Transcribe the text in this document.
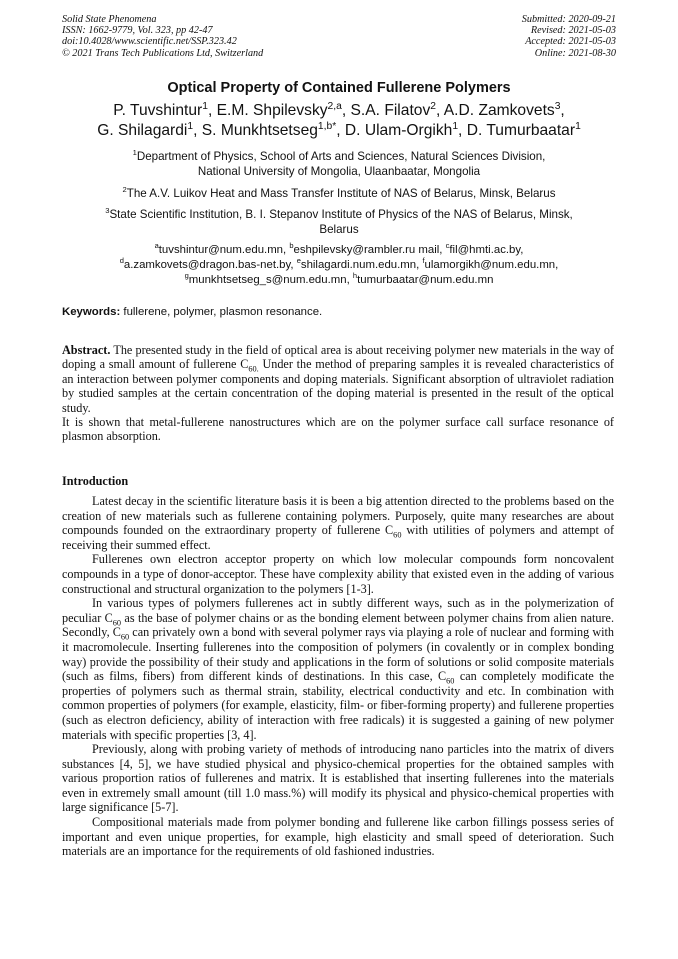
Solid State Phenomena
ISSN: 1662-9779, Vol. 323, pp 42-47
doi:10.4028/www.scientific.net/SSP.323.42
© 2021 Trans Tech Publications Ltd, Switzerland
Submitted: 2020-09-21
Revised: 2021-05-03
Accepted: 2021-05-03
Online: 2021-08-30
Optical Property of Contained Fullerene Polymers
P. Tuvshintur$^1$, E.M. Shpilevsky$^{2,a}$, S.A. Filatov$^2$, A.D. Zamkovets$^3$,
G. Shilagardi$^1$, S. Munkhtsetseg$^{1,b*}$, D. Ulam-Orgikh$^1$, D. Tumurbaatar$^1$
$^1$Department of Physics, School of Arts and Sciences, Natural Sciences Division,
National University of Mongolia, Ulaanbaatar, Mongolia
$^2$The A.V. Luikov Heat and Mass Transfer Institute of NAS of Belarus, Minsk, Belarus
$^3$State Scientific Institution, B. I. Stepanov Institute of Physics of the NAS of Belarus, Minsk,
Belarus
$^a$tuvshintur@num.edu.mn, $^b$eshpilevsky@rambler.ru mail, $^c$fil@hmti.ac.by,
$^d$a.zamkovets@dragon.bas-net.by, $^e$shilagardi.num.edu.mn, $^f$ulamorgikh@num.edu.mn,
$^g$munkhtsetseg_s@num.edu.mn, $^h$tumurbaatar@num.edu.mn
Keywords: fullerene, polymer, plasmon resonance.

Abstract. The presented study in the field of optical area is about receiving polymer new materials in the way of doping a small amount of fullerene $C_{60.}$ Under the method of preparing samples it is revealed characteristics of an interaction between polymer components and doping materials. Significant absorption of ultraviolet radiation by studied samples at the certain concentration of the doping material is presented in the result of the optical study.

It is shown that metal-fullerene nanostructures which are on the polymer surface call surface resonance of plasmon absorption.

Introduction

Latest decay in the scientific literature basis it is been a big attention directed to the problems based on the creation of new materials such as fullerene containing polymers. Purposely, quite many researches are about compounds founded on the extraordinary property of fullerene $C_{60}$ with utilities of polymers and attempt of receiving their summed effect.

Fullerenes own electron acceptor property on which low molecular compounds form noncovalent compounds in a type of donor-acceptor. These have complexity ability that existed even in the adding of various constructional and structural organization to the polymers [1-3].

In various types of polymers fullerenes act in subtly different ways, such as in the polymerization of peculiar $C_{60}$ as the base of polymer chains or as the bonding element between polymer chains from alien nature. Secondly, $C_{60}$ can privately own a bond with several polymer rays via playing a role of nuclear and forming with it macromolecule. Inserting fullerenes into the composition of polymers (in covalently or in complex bonding way) provide the possibility of their study and applications in the form of solutions or solid composite materials (such as films, fibers) from different kinds of destinations. In this case, $C_{60}$ can completely modificate the properties of polymers such as thermal strain, stability, electrical conductivity and etc. In combination with common properties of polymers (for example, elasticity, film- or fiber-forming property) and fullerene properties (such as electron deficiency, ability of interaction with free radicals) it is suggested a gaining of new polymer materials with specific properties [3, 4].

Previously, along with probing variety of methods of introducing nano particles into the matrix of divers substances [4, 5], we have studied physical and physico-chemical properties for the obtained samples with various proportion ratios of fullerenes and matrix. It is established that inserting fullerenes into the materials even in extremely small amount (till 1.0 mass.%) will modify its physical and physico-chemical properties with large significance [5-7].

Compositional materials made from polymer bonding and fullerene like carbon fillings possess series of important and even unique properties, for example, high elasticity and small speed of deterioration. Such materials are an importance for the requirements of old fashioned industries.
